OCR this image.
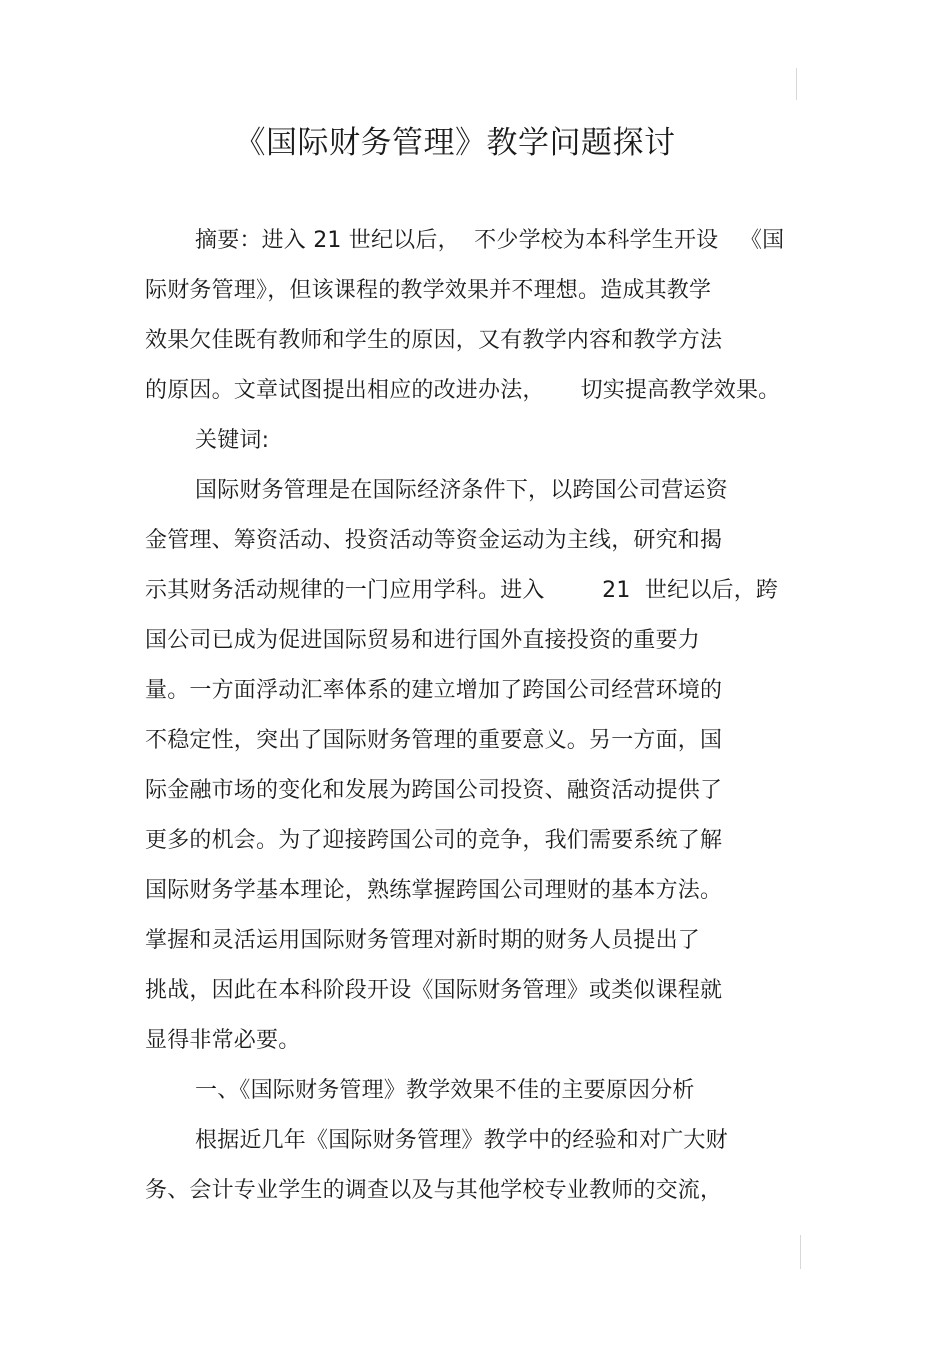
《国际财务管理》教学问题探讨
摘要：进入 21 世纪以后，  不少学校为本科学生开设   《国
际财务管理》，但该课程的教学效果并不理想。造成其教学
效果欠佳既有教师和学生的原因，又有教学内容和教学方法
的原因。文章试图提出相应的改进办法，     切实提高教学效果。
关键词:
国际财务管理是在国际经济条件下，以跨国公司营运资
金管理、筹资活动、投资活动等资金运动为主线，研究和揭
示其财务活动规律的一门应用学科。进入        21  世纪以后，跨
国公司已成为促进国际贸易和进行国外直接投资的重要力
量。一方面浮动汇率体系的建立增加了跨国公司经营环境的
不稳定性，突出了国际财务管理的重要意义。另一方面，国
际金融市场的变化和发展为跨国公司投资、融资活动提供了
更多的机会。为了迎接跨国公司的竞争，我们需要系统了解
国际财务学基本理论，熟练掌握跨国公司理财的基本方法。
掌握和灵活运用国际财务管理对新时期的财务人员提出了
挑战，因此在本科阶段开设《国际财务管理》或类似课程就
显得非常必要。
一、《国际财务管理》教学效果不佳的主要原因分析
根据近几年《国际财务管理》教学中的经验和对广大财
务、会计专业学生的调查以及与其他学校专业教师的交流，
